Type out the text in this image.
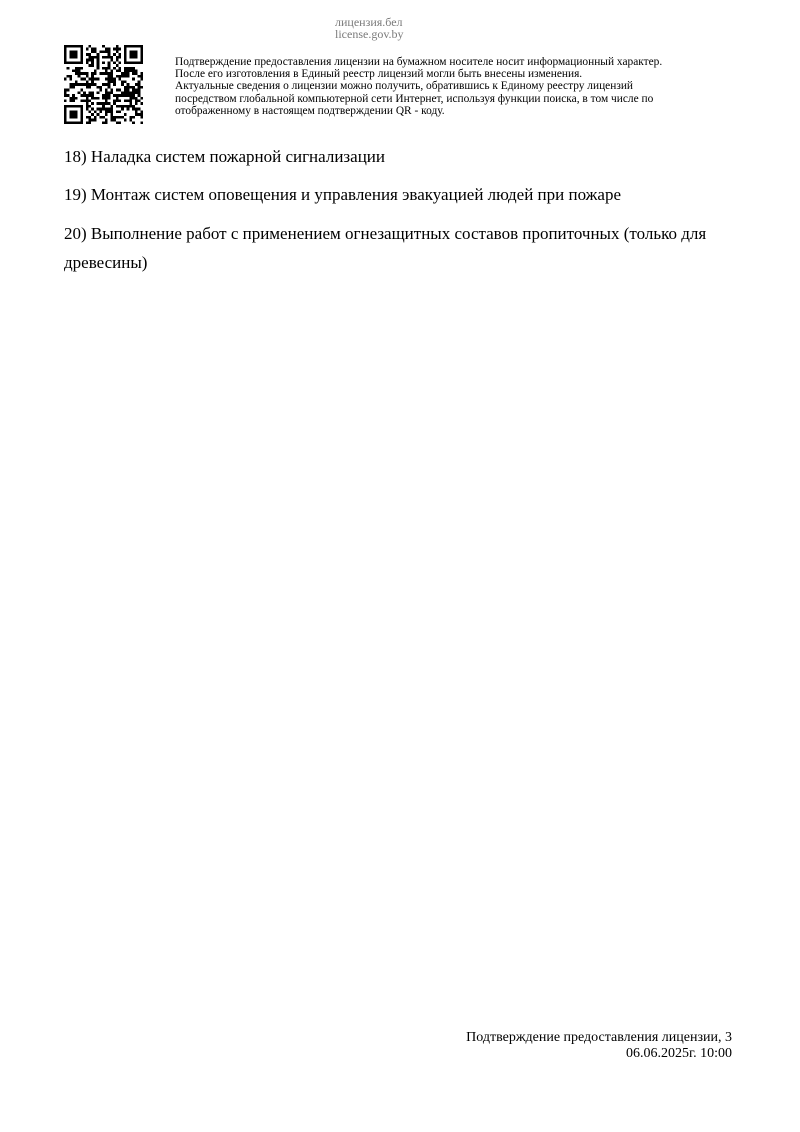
лицензия.бел
license.gov.by
Подтверждение предоставления лицензии на бумажном носителе носит информационный характер.
После его изготовления в Единый реестр лицензий могли быть внесены изменения.
Актуальные сведения о лицензии можно получить, обратившись к Единому реестру лицензий
посредством глобальной компьютерной сети Интернет, используя функции поиска, в том числе по
отображенному в настоящем подтверждении QR - коду.
18) Наладка систем пожарной сигнализации
19) Монтаж систем оповещения и управления эвакуацией людей при пожаре
20) Выполнение работ с применением огнезащитных составов пропиточных (только для древесины)
Подтверждение предоставления лицензии, 3
06.06.2025г. 10:00
